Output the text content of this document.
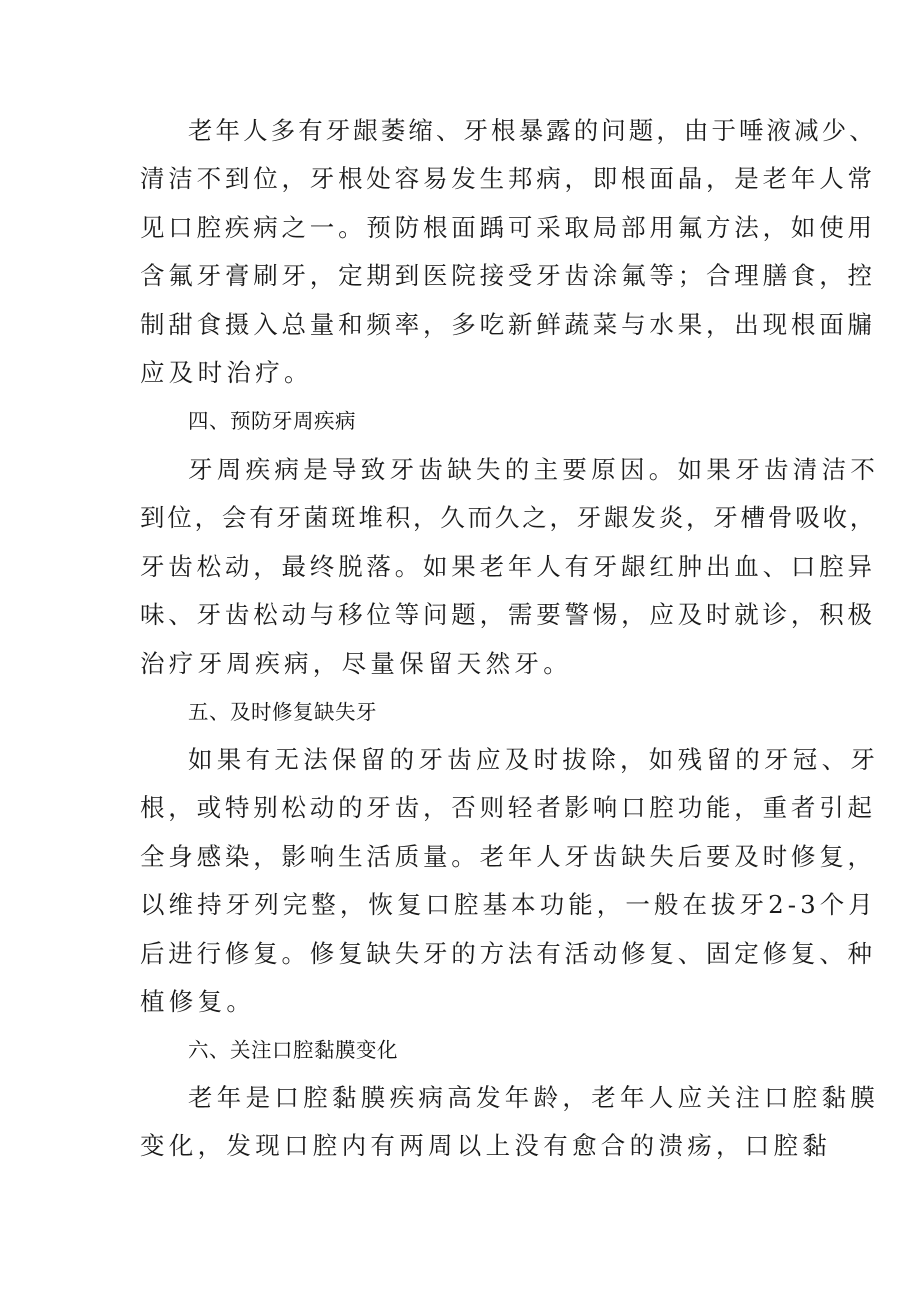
老年人多有牙龈萎缩、牙根暴露的问题，由于唾液减少、
清洁不到位，牙根处容易发生邦病，即根面晶，是老年人常
见口腔疾病之一。预防根面踽可采取局部用氟方法，如使用
含氟牙膏刷牙，定期到医院接受牙齿涂氟等；合理膳食，控
制甜食摄入总量和频率，多吃新鲜蔬菜与水果，出现根面牖
应及时治疗。
四、预防牙周疾病
牙周疾病是导致牙齿缺失的主要原因。如果牙齿清洁不
到位，会有牙菌斑堆积，久而久之，牙龈发炎，牙槽骨吸收，
牙齿松动，最终脱落。如果老年人有牙龈红肿出血、口腔异
味、牙齿松动与移位等问题，需要警惕，应及时就诊，积极
治疗牙周疾病，尽量保留天然牙。
五、及时修复缺失牙
如果有无法保留的牙齿应及时拔除，如残留的牙冠、牙
根，或特别松动的牙齿，否则轻者影响口腔功能，重者引起
全身感染，影响生活质量。老年人牙齿缺失后要及时修复，
以维持牙列完整，恢复口腔基本功能，一般在拔牙2-3个月
后进行修复。修复缺失牙的方法有活动修复、固定修复、种
植修复。
六、关注口腔黏膜变化
老年是口腔黏膜疾病高发年龄，老年人应关注口腔黏膜
变化，发现口腔内有两周以上没有愈合的溃疡，口腔黏
